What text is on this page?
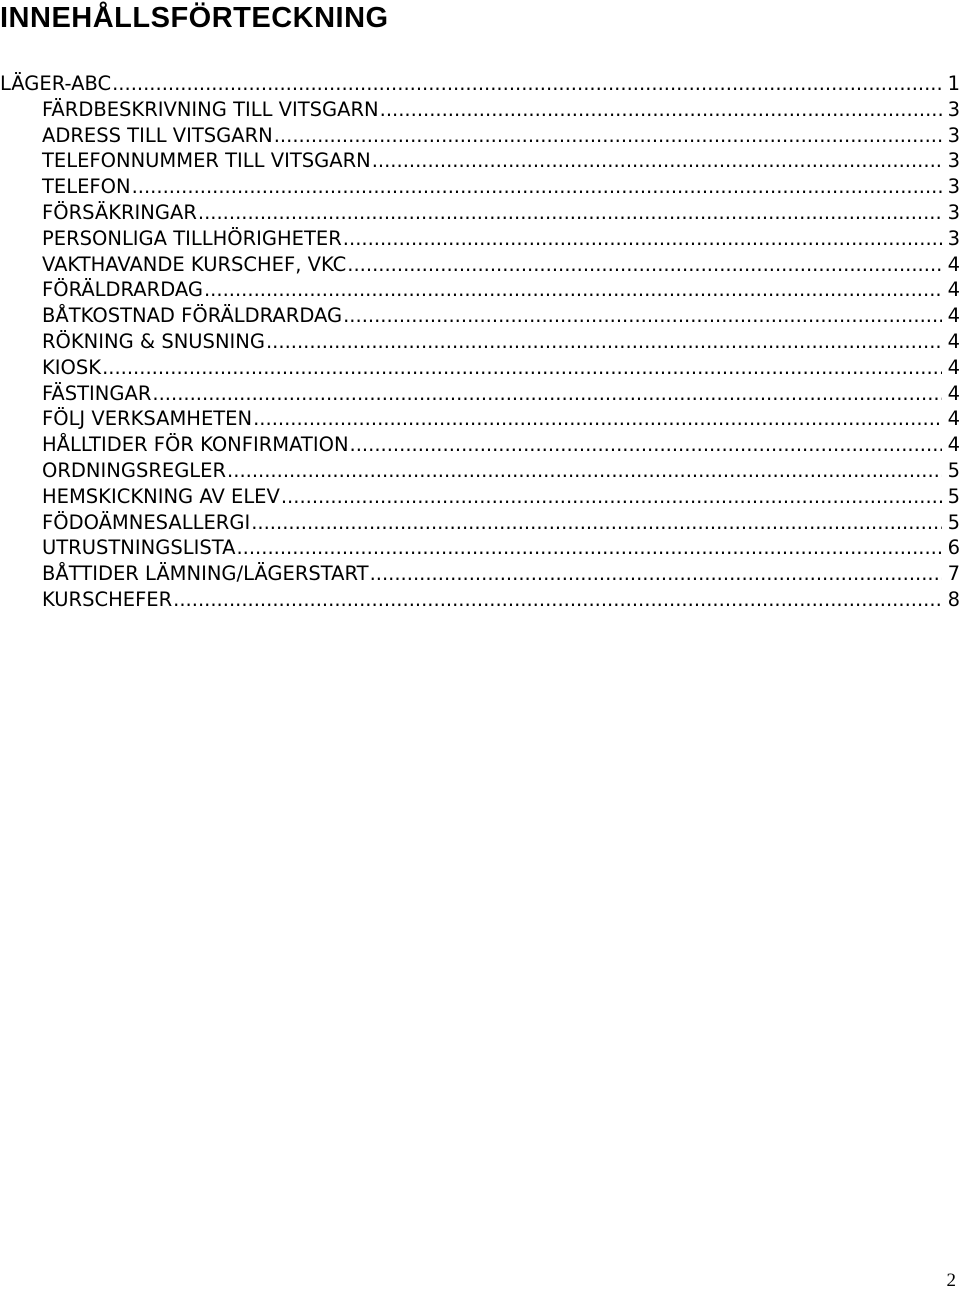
INNEHÅLLSFÖRTECKNING
LÄGER-ABC .....	1
FÄRDBESKRIVNING TILL VITSGARN .....	3
ADRESS TILL VITSGARN .....	3
TELEFONNUMMER TILL VITSGARN .....	3
TELEFON .....	3
FÖRSÄKRINGAR .....	3
PERSONLIGA TILLHÖRIGHETER .....	3
VAKTHAVANDE KURSCHEF, VKC .....	4
FÖRÄLDRARDAG .....	4
BÅTKOSTNAD FÖRÄLDRARDAG .....	4
RÖKNING & SNUSNING .....	4
KIOSK .....	4
FÄSTINGAR .....	4
FÖLJ VERKSAMHETEN .....	4
HÅLLTIDER FÖR KONFIRMATION .....	4
ORDNINGSREGLER .....	5
HEMSKICKNING AV ELEV .....	5
FÖDOÄMNESALLERGI .....	5
UTRUSTNINGSLISTA .....	6
BÅTTIDER LÄMNING/LÄGERSTART .....	7
KURSCHEFER .....	8
2
